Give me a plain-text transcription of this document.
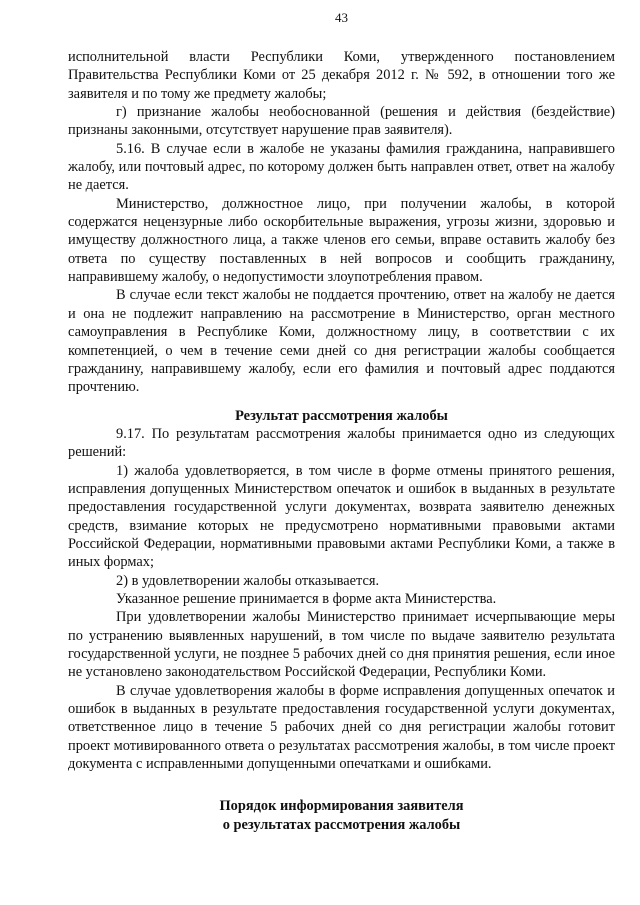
43

исполнительной власти Республики Коми, утвержденного постановлением Правительства Республики Коми от 25 декабря 2012 г. № 592, в отношении того же заявителя и по тому же предмету жалобы;

г) признание жалобы необоснованной (решения и действия (бездействие) признаны законными, отсутствует нарушение прав заявителя).

5.16. В случае если в жалобе не указаны фамилия гражданина, направившего жалобу, или почтовый адрес, по которому должен быть направлен ответ, ответ на жалобу не дается.

Министерство, должностное лицо, при получении жалобы, в которой содержатся нецензурные либо оскорбительные выражения, угрозы жизни, здоровью и имуществу должностного лица, а также членов его семьи, вправе оставить жалобу без ответа по существу поставленных в ней вопросов и сообщить гражданину, направившему жалобу, о недопустимости злоупотребления правом.

В случае если текст жалобы не поддается прочтению, ответ на жалобу не дается и она не подлежит направлению на рассмотрение в Министерство, орган местного самоуправления в Республике Коми, должностному лицу, в соответствии с их компетенцией, о чем в течение семи дней со дня регистрации жалобы сообщается гражданину, направившему жалобу, если его фамилия и почтовый адрес поддаются прочтению.

Результат рассмотрения жалобы

9.17. По результатам рассмотрения жалобы принимается одно из следующих решений:

1) жалоба удовлетворяется, в том числе в форме отмены принятого решения, исправления допущенных Министерством опечаток и ошибок в выданных в результате предоставления государственной услуги документах, возврата заявителю денежных средств, взимание которых не предусмотрено нормативными правовыми актами Российской Федерации, нормативными правовыми актами Республики Коми, а также в иных формах;

2) в удовлетворении жалобы отказывается.

Указанное решение принимается в форме акта Министерства.

При удовлетворении жалобы Министерство принимает исчерпывающие меры по устранению выявленных нарушений, в том числе по выдаче заявителю результата государственной услуги, не позднее 5 рабочих дней со дня принятия решения, если иное не установлено законодательством Российской Федерации, Республики Коми.

В случае удовлетворения жалобы в форме исправления допущенных опечаток и ошибок в выданных в результате предоставления государственной услуги документах, ответственное лицо в течение 5 рабочих дней со дня регистрации жалобы готовит проект мотивированного ответа о результатах рассмотрения жалобы, в том числе проект документа с исправленными допущенными опечатками и ошибками.

Порядок информирования заявителя
о результатах рассмотрения жалобы
